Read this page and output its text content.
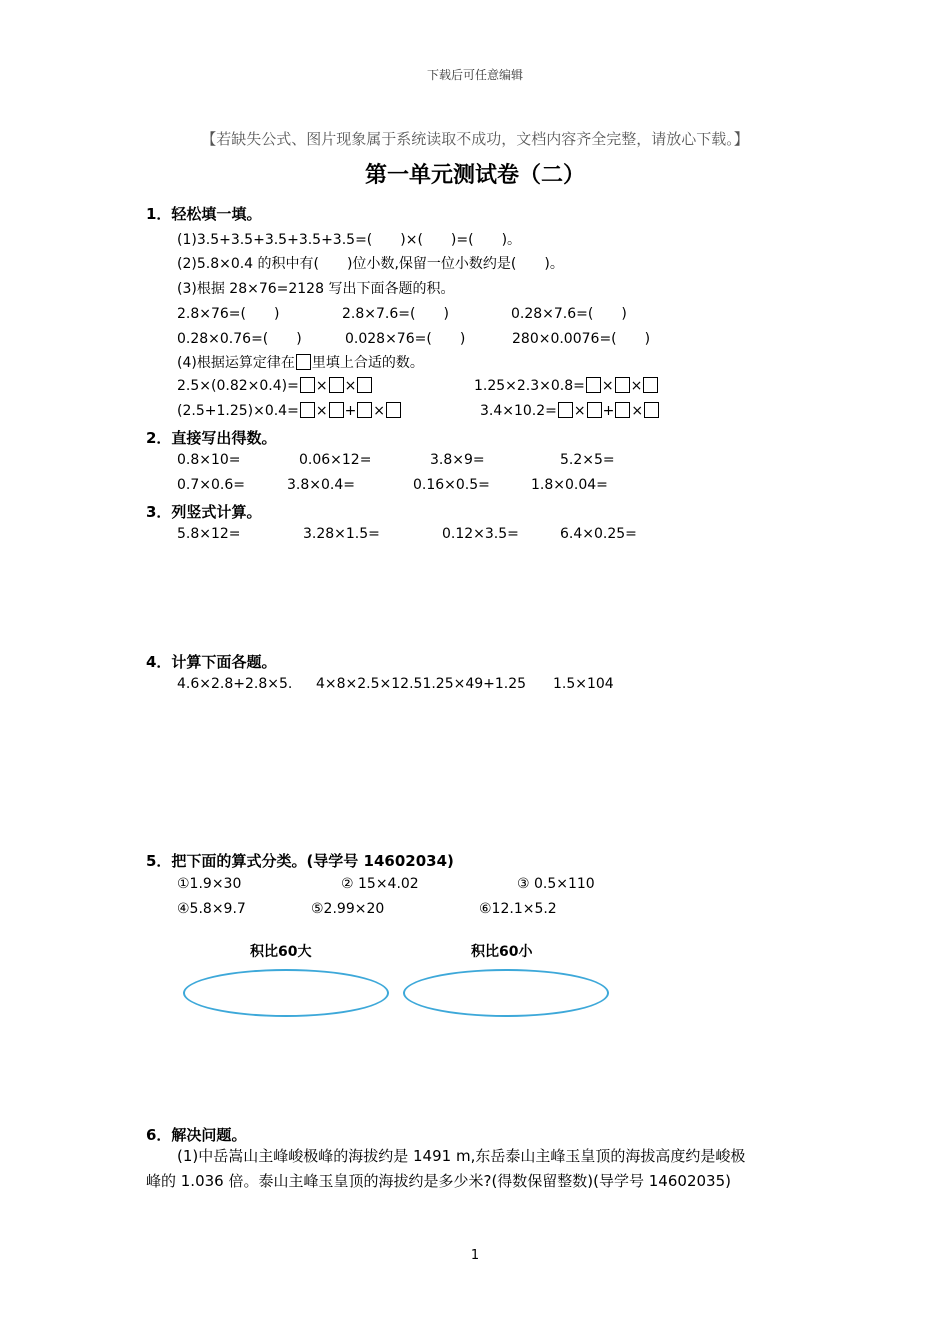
下载后可任意编辑
【若缺失公式、图片现象属于系统读取不成功，文档内容齐全完整，请放心下载。】
第一单元测试卷（二）
1．轻松填一填。
(1)3.5+3.5+3.5+3.5+3.5=(　　)×(　　)=(　　)。
(2)5.8×0.4 的积中有(　　)位小数,保留一位小数约是(　　)。
(3)根据 28×76=2128 写出下面各题的积。
2.8×76=(　　)	2.8×7.6=(　　)	0.28×7.6=(　　)
0.28×0.76=(　　)	0.028×76=(　　)	280×0.0076=(　　)
(4)根据运算定律在 里填上合适的数。
2.5×(0.82×0.4)= × ×	1.25×2.3×0.8= × ×
(2.5+1.25)×0.4= × + ×	3.4×10.2= × + ×
2．直接写出得数。
0.8×10=	0.06×12=	3.8×9=	5.2×5=
0.7×0.6=	3.8×0.4=	0.16×0.5=	1.8×0.04=
3．列竖式计算。
5.8×12=	3.28×1.5=	0.12×3.5=	6.4×0.25=
4．计算下面各题。
4.6×2.8+2.8×5. 4×8×2.5×12.51.25×49+1.25 1.5×104
5．把下面的算式分类。(导学号 14602034)
①1.9×30	② 15×4.02	③ 0.5×110
④5.8×9.7	⑤2.99×20	⑥12.1×5.2
积比60大	积比60小
6．解决问题。
(1)中岳嵩山主峰峻极峰的海拔约是 1491 m,东岳泰山主峰玉皇顶的海拔高度约是峻极
峰的 1.036 倍。泰山主峰玉皇顶的海拔约是多少米?(得数保留整数)(导学号 14602035)
1
